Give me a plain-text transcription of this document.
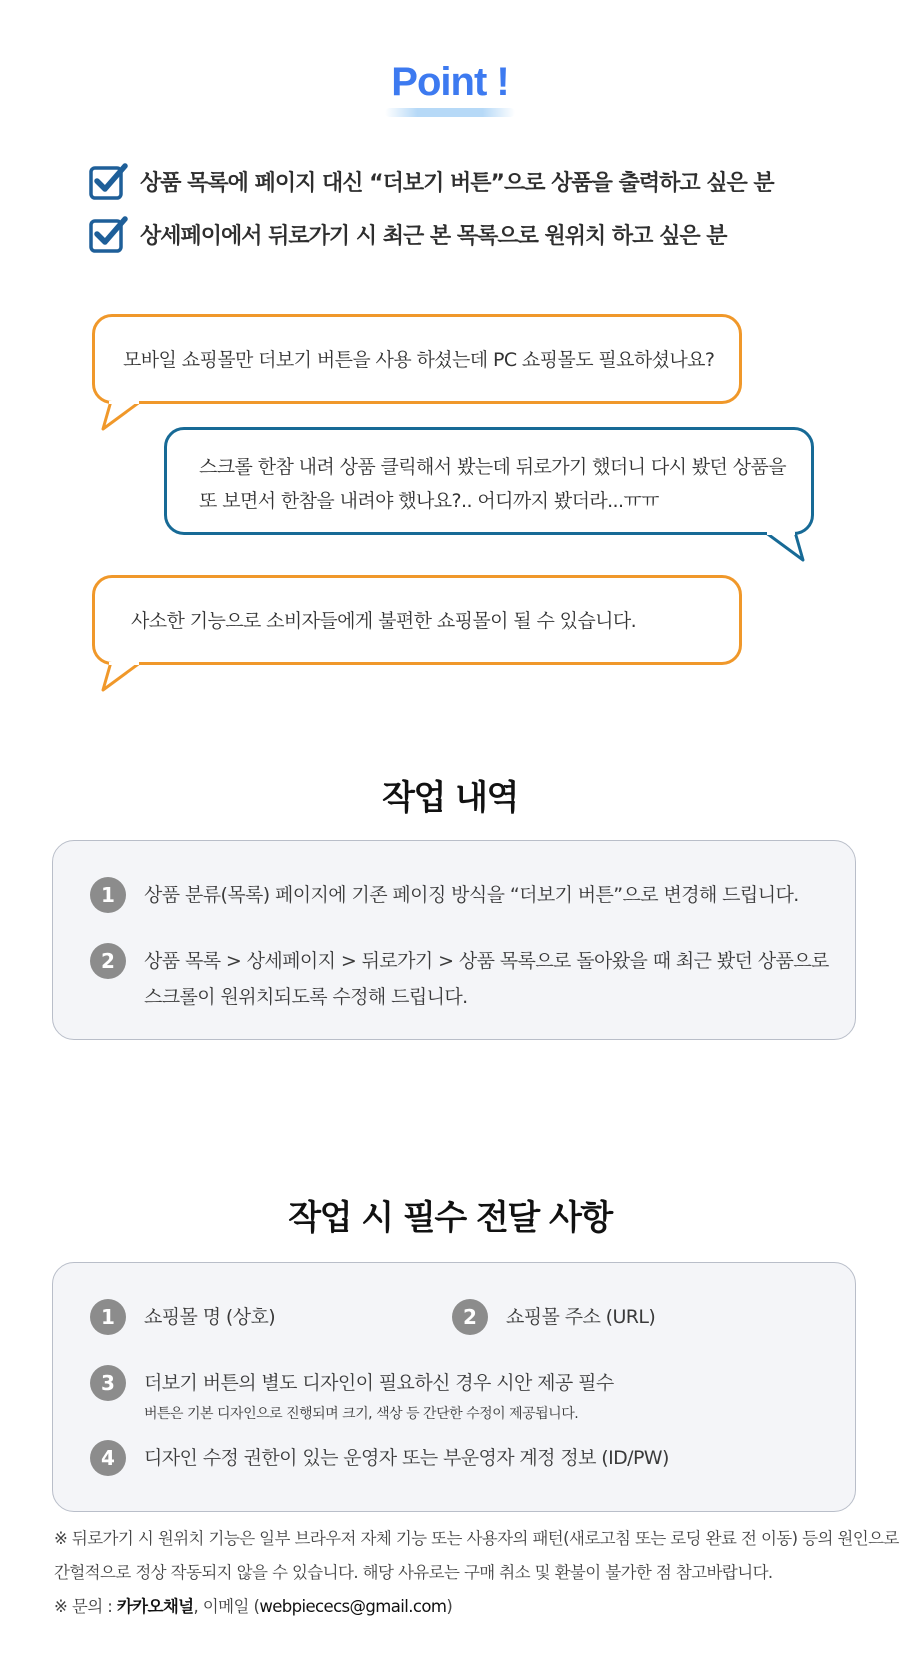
Point !
상품 목록에 페이지 대신 “더보기 버튼”으로 상품을 출력하고 싶은 분
상세페이에서 뒤로가기 시 최근 본 목록으로 원위치 하고 싶은 분
모바일 쇼핑몰만 더보기 버튼을 사용 하셨는데 PC 쇼핑몰도 필요하셨나요?
스크롤 한참 내려 상품 클릭해서 봤는데 뒤로가기 했더니 다시 봤던 상품을
또 보면서 한참을 내려야 했나요?.. 어디까지 봤더라...ㅠㅠ
사소한 기능으로 소비자들에게 불편한 쇼핑몰이 될 수 있습니다.
작업 내역
1	상품 분류(목록) 페이지에 기존 페이징 방식을 “더보기 버튼”으로 변경해 드립니다.
2	상품 목록 > 상세페이지 > 뒤로가기 > 상품 목록으로 돌아왔을 때 최근 봤던 상품으로
스크롤이 원위치되도록 수정해 드립니다.
작업 시 필수 전달 사항
1	쇼핑몰 명 (상호)	2	쇼핑몰 주소 (URL)
3	더보기 버튼의 별도 디자인이 필요하신 경우 시안 제공 필수
버튼은 기본 디자인으로 진행되며 크기, 색상 등 간단한 수정이 제공됩니다.
4	디자인 수정 권한이 있는 운영자 또는 부운영자 계정 정보 (ID/PW)
※ 뒤로가기 시 원위치 기능은 일부 브라우저 자체 기능 또는 사용자의 패턴(새로고침 또는 로딩 완료 전 이동) 등의 원인으로
간헐적으로 정상 작동되지 않을 수 있습니다. 해당 사유로는 구매 취소 및 환불이 불가한 점 참고바랍니다.
※ 문의 : 카카오채널, 이메일 (webpiececs@gmail.com)
